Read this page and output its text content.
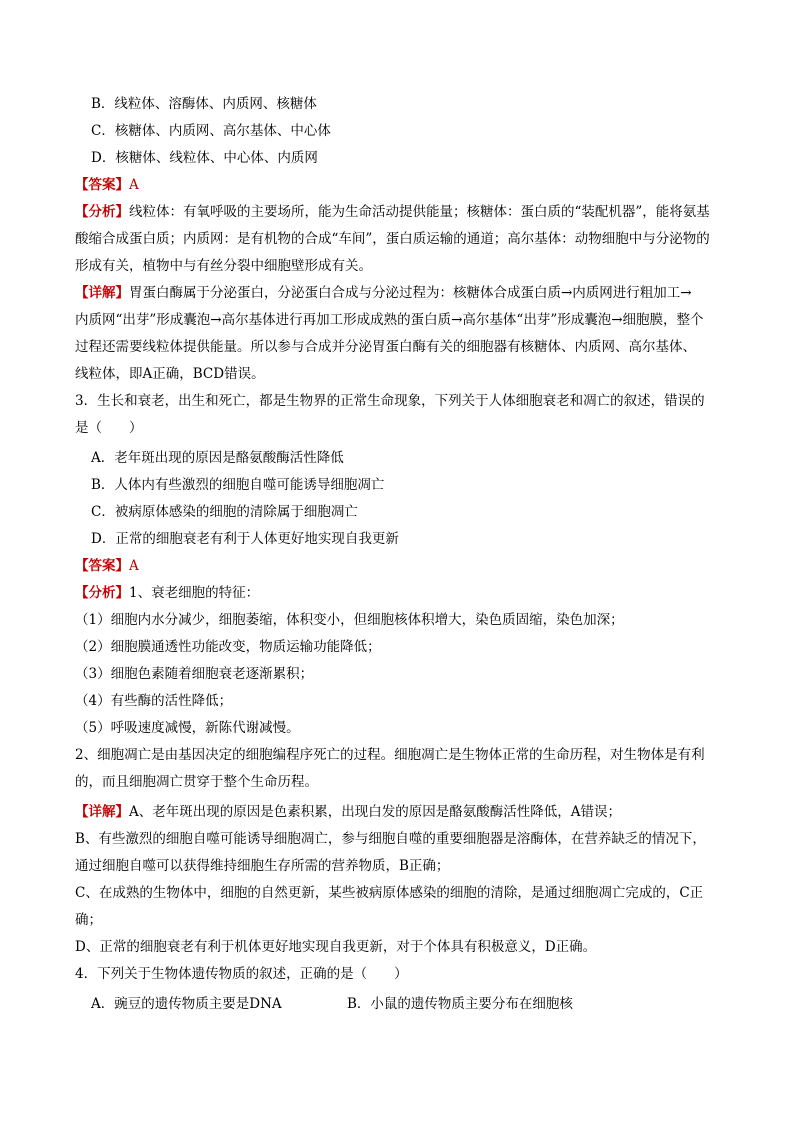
B．线粒体、溶酶体、内质网、核糖体
C．核糖体、内质网、高尔基体、中心体
D．核糖体、线粒体、中心体、内质网
【答案】A
【分析】线粒体：有氧呼吸的主要场所，能为生命活动提供能量；核糖体：蛋白质的“装配机器”，能将氨基
酸缩合成蛋白质；内质网：是有机物的合成“车间”，蛋白质运输的通道；高尔基体：动物细胞中与分泌物的
形成有关，植物中与有丝分裂中细胞壁形成有关。
【详解】胃蛋白酶属于分泌蛋白，分泌蛋白合成与分泌过程为：核糖体合成蛋白质→内质网进行粗加工→
内质网“出芽”形成囊泡→高尔基体进行再加工形成成熟的蛋白质→高尔基体“出芽”形成囊泡→细胞膜，整个
过程还需要线粒体提供能量。所以参与合成并分泌胃蛋白酶有关的细胞器有核糖体、内质网、高尔基体、
线粒体，即A正确，BCD错误。
3．生长和衰老，出生和死亡，都是生物界的正常生命现象，下列关于人体细胞衰老和凋亡的叙述，错误的
是（　　）
A．老年斑出现的原因是酪氨酸酶活性降低
B．人体内有些激烈的细胞自噬可能诱导细胞凋亡
C．被病原体感染的细胞的清除属于细胞凋亡
D．正常的细胞衰老有利于人体更好地实现自我更新
【答案】A
【分析】1、衰老细胞的特征：
（1）细胞内水分减少，细胞萎缩，体积变小，但细胞核体积增大，染色质固缩，染色加深；
（2）细胞膜通透性功能改变，物质运输功能降低；
（3）细胞色素随着细胞衰老逐渐累积；
（4）有些酶的活性降低；
（5）呼吸速度减慢，新陈代谢减慢。
2、细胞凋亡是由基因决定的细胞编程序死亡的过程。细胞凋亡是生物体正常的生命历程，对生物体是有利
的，而且细胞凋亡贯穿于整个生命历程。
【详解】A、老年斑出现的原因是色素积累，出现白发的原因是酪氨酸酶活性降低，A错误；
B、有些激烈的细胞自噬可能诱导细胞凋亡，参与细胞自噬的重要细胞器是溶酶体，在营养缺乏的情况下，
通过细胞自噬可以获得维持细胞生存所需的营养物质，B正确；
C、在成熟的生物体中，细胞的自然更新，某些被病原体感染的细胞的清除，是通过细胞凋亡完成的，C正
确；
D、正常的细胞衰老有利于机体更好地实现自我更新，对于个体具有积极意义，D正确。
4．下列关于生物体遗传物质的叙述，正确的是（　　）
A．豌豆的遗传物质主要是DNA	B．小鼠的遗传物质主要分布在细胞核
